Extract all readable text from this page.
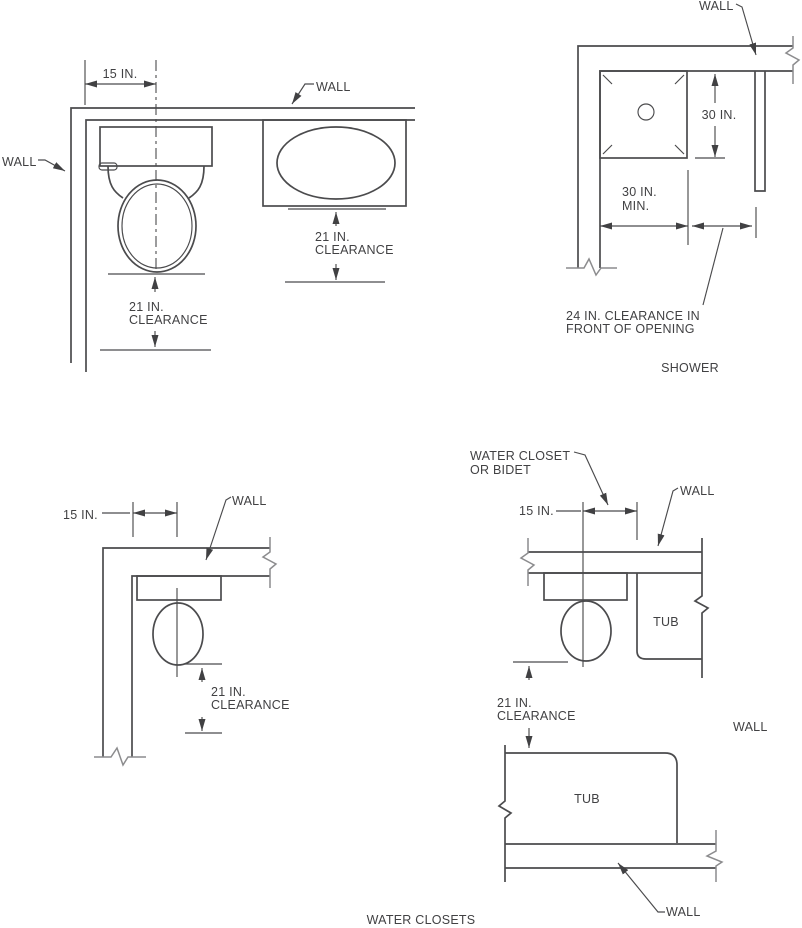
WALL
WALL
15 IN.
21 IN.
CLEARANCE
21 IN.
CLEARANCE
WALL
30 IN.
30 IN.
MIN.
24 IN. CLEARANCE IN
FRONT OF OPENING
SHOWER
15 IN.
WALL
21 IN.
CLEARANCE
WATER CLOSET
OR BIDET
15 IN.
WALL
TUB
21 IN.
CLEARANCE
WALL
TUB
WALL
WATER CLOSETS
